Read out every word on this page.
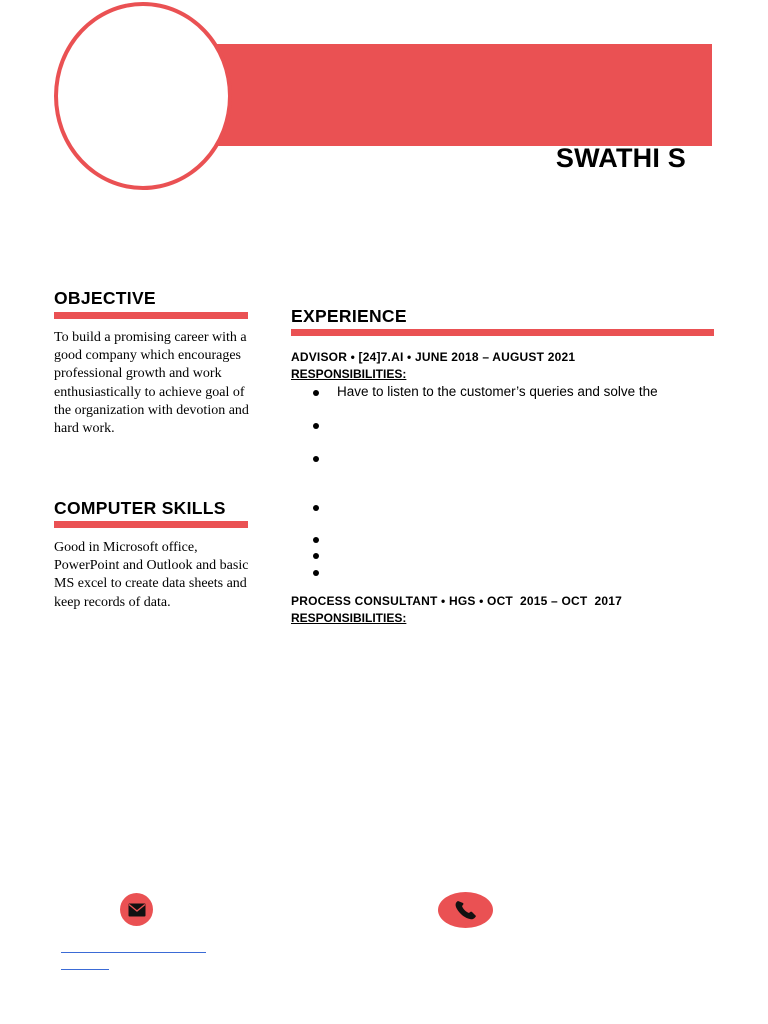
SWATHI S
OBJECTIVE
To build a promising career with a good company which encourages professional growth and work enthusiastically to achieve goal of the organization with devotion and hard work.
COMPUTER SKILLS
Good in Microsoft office, PowerPoint and Outlook and basic MS excel to create data sheets and keep records of data.
EXPERIENCE
ADVISOR • [24]7.AI • JUNE 2018 – AUGUST 2021
RESPONSIBILITIES:
Have to listen to the customer’s queries and solve the
PROCESS CONSULTANT • HGS • OCT  2015 – OCT  2017
RESPONSIBILITIES:
